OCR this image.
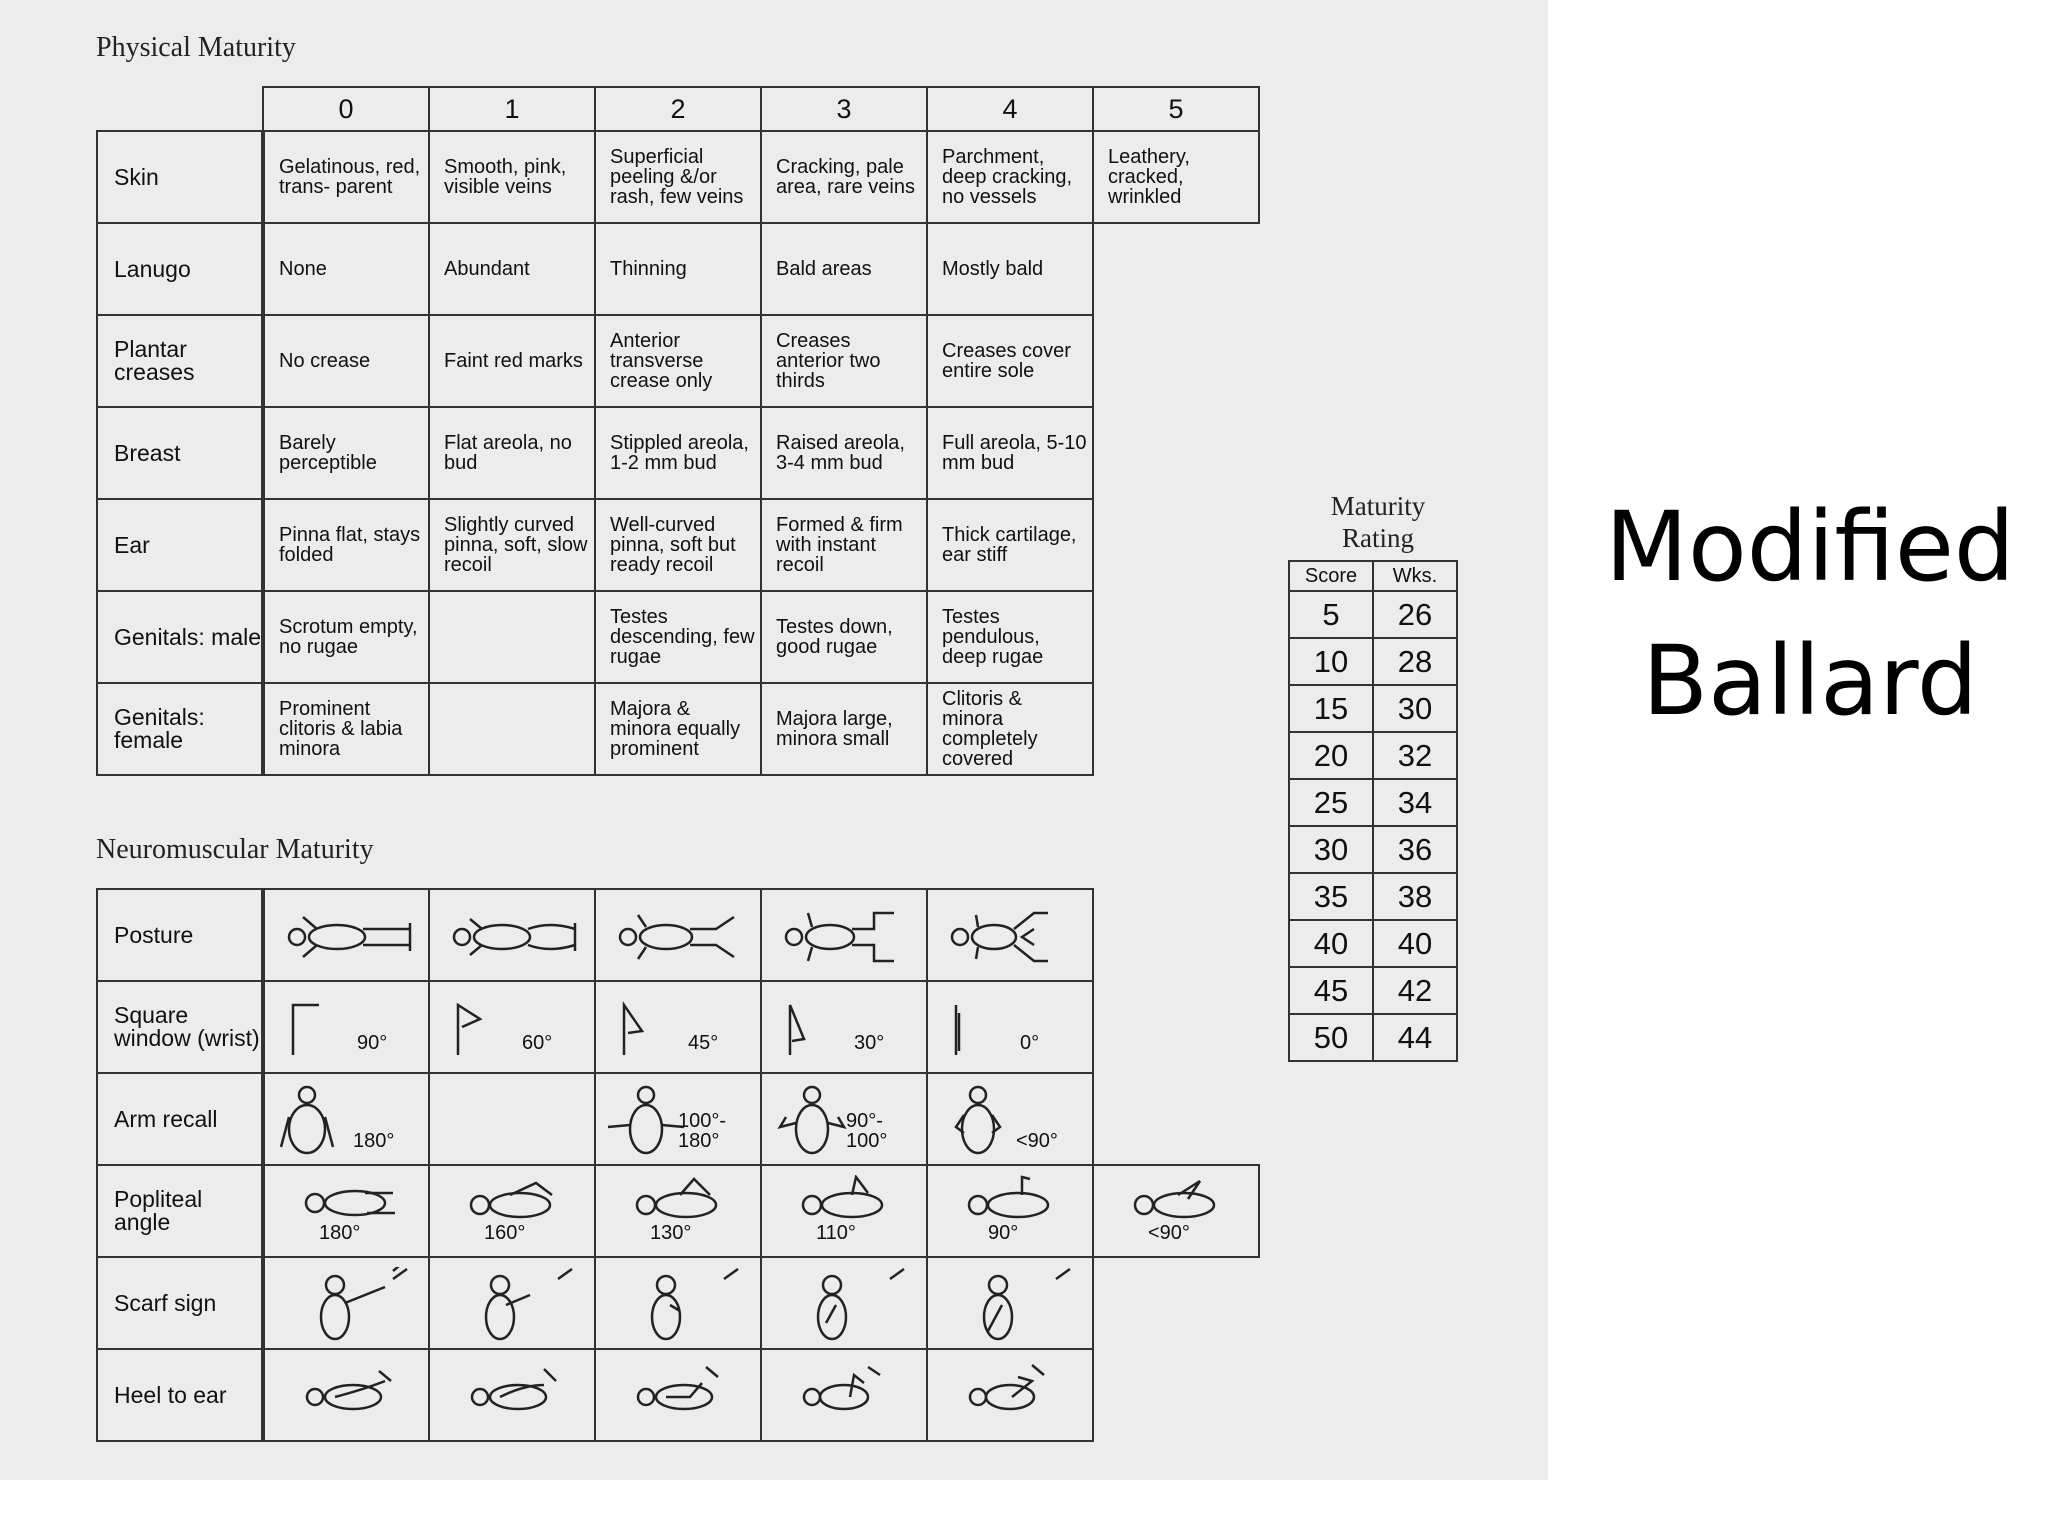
Physical Maturity
	0	1	2	3	4	5
Skin	Gelatinous, red, trans- parent	Smooth, pink, visible veins	Superficial peeling &/or rash, few veins	Cracking, pale area, rare veins	Parchment, deep cracking, no vessels	Leathery, cracked, wrinkled
Lanugo	None	Abundant	Thinning	Bald areas	Mostly bald	
Plantar creases	No crease	Faint red marks	Anterior transverse crease only	Creases anterior two thirds	Creases cover entire sole	
Breast	Barely perceptible	Flat areola, no bud	Stippled areola, 1-2 mm bud	Raised areola, 3-4 mm bud	Full areola, 5-10 mm bud	
Ear	Pinna flat, stays folded	Slightly curved pinna, soft, slow recoil	Well-curved pinna, soft but ready recoil	Formed & firm with instant recoil	Thick cartilage, ear stiff	
Genitals: male	Scrotum empty, no rugae		Testes descending, few rugae	Testes down, good rugae	Testes pendulous, deep rugae	
Genitals: female	Prominent clitoris & labia minora		Majora & minora equally prominent	Majora large, minora small	Clitoris & minora completely covered	
Neuromuscular Maturity
Posture	

Square window (wrist)	90°	60°	45°	30°	0°	

Arm recall	180°		100°- 180°	90°- 100°	<90°	

Popliteal angle	180°	160°	130°	110°	90°	<90°

Scarf sign	

Heel to ear	

Maturity
Rating
Score	Wks.
5	26
10	28
15	30
20	32
25	34
30	36
35	38
40	40
45	42
50	44
Modified
Ballard
